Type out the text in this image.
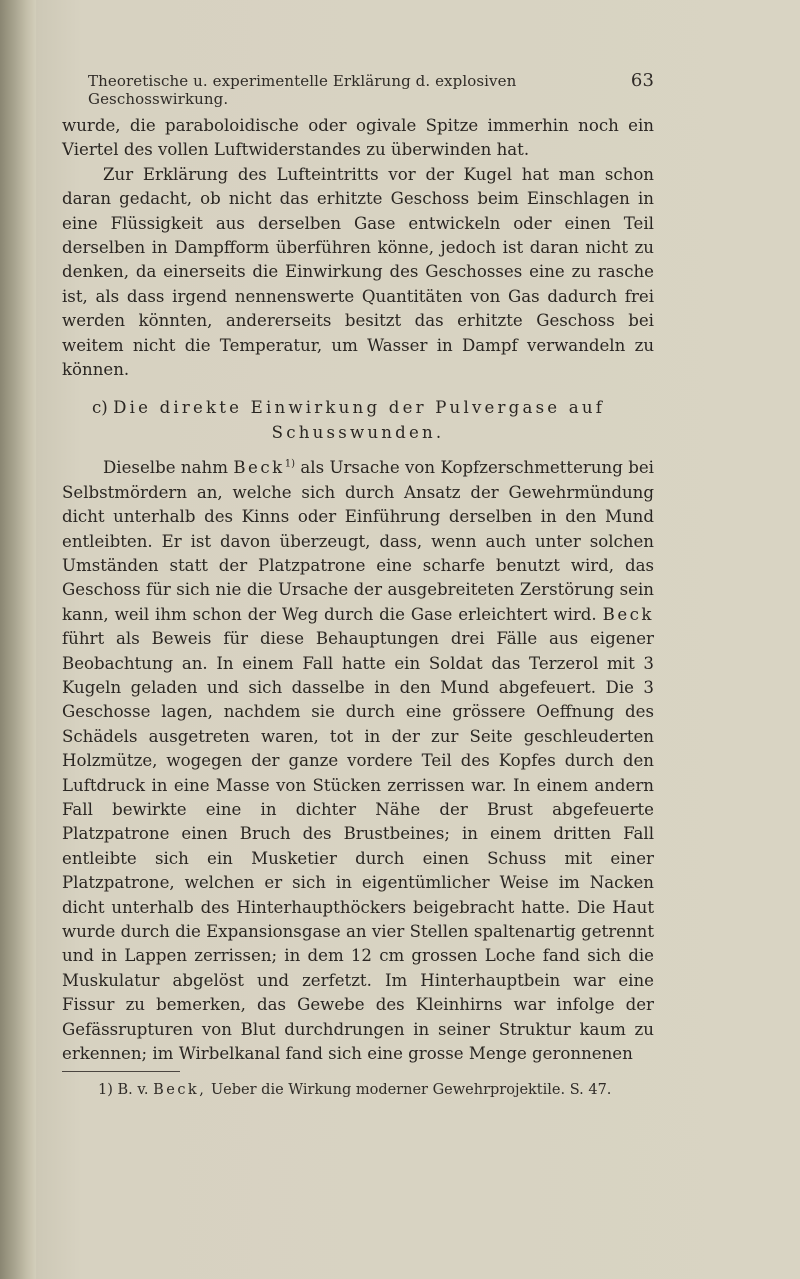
Theoretische u. experimentelle Erklärung d. explosiven Geschosswirkung.
63

wurde, die paraboloidische oder ogivale Spitze immerhin noch ein Viertel des vollen Luftwiderstandes zu überwinden hat.

Zur Erklärung des Lufteintritts vor der Kugel hat man schon daran gedacht, ob nicht das erhitzte Geschoss beim Einschlagen in eine Flüssigkeit aus derselben Gase entwickeln oder einen Teil derselben in Dampfform überführen könne, jedoch ist daran nicht zu denken, da einerseits die Einwirkung des Geschosses eine zu rasche ist, als dass irgend nennenswerte Quantitäten von Gas dadurch frei werden könnten, andererseits besitzt das erhitzte Geschoss bei weitem nicht die Temperatur, um Wasser in Dampf verwandeln zu können.

c) Die direkte Einwirkung der Pulvergase auf
Schusswunden.

Dieselbe nahm Beck$^{1)}$ als Ursache von Kopfzerschmetterung bei Selbstmördern an, welche sich durch Ansatz der Gewehrmündung dicht unterhalb des Kinns oder Einführung derselben in den Mund entleibten. Er ist davon überzeugt, dass, wenn auch unter solchen Umständen statt der Platzpatrone eine scharfe benutzt wird, das Geschoss für sich nie die Ursache der ausgebreiteten Zerstörung sein kann, weil ihm schon der Weg durch die Gase erleichtert wird. Beck führt als Beweis für diese Behauptungen drei Fälle aus eigener Beobachtung an. In einem Fall hatte ein Soldat das Terzerol mit 3 Kugeln geladen und sich dasselbe in den Mund abgefeuert. Die 3 Geschosse lagen, nachdem sie durch eine grössere Oeffnung des Schädels ausgetreten waren, tot in der zur Seite geschleuderten Holzmütze, wogegen der ganze vordere Teil des Kopfes durch den Luftdruck in eine Masse von Stücken zerrissen war. In einem andern Fall bewirkte eine in dichter Nähe der Brust abgefeuerte Platzpatrone einen Bruch des Brustbeines; in einem dritten Fall entleibte sich ein Musketier durch einen Schuss mit einer Platzpatrone, welchen er sich in eigentümlicher Weise im Nacken dicht unterhalb des Hinterhaupthöckers beigebracht hatte. Die Haut wurde durch die Expansionsgase an vier Stellen spaltenartig getrennt und in Lappen zerrissen; in dem 12 cm grossen Loche fand sich die Muskulatur abgelöst und zerfetzt. Im Hinterhauptbein war eine Fissur zu bemerken, das Gewebe des Kleinhirns war infolge der Gefässrupturen von Blut durchdrungen in seiner Struktur kaum zu erkennen; im Wirbelkanal fand sich eine grosse Menge geronnenen

1) B. v. Beck, Ueber die Wirkung moderner Gewehrprojektile. S. 47.
